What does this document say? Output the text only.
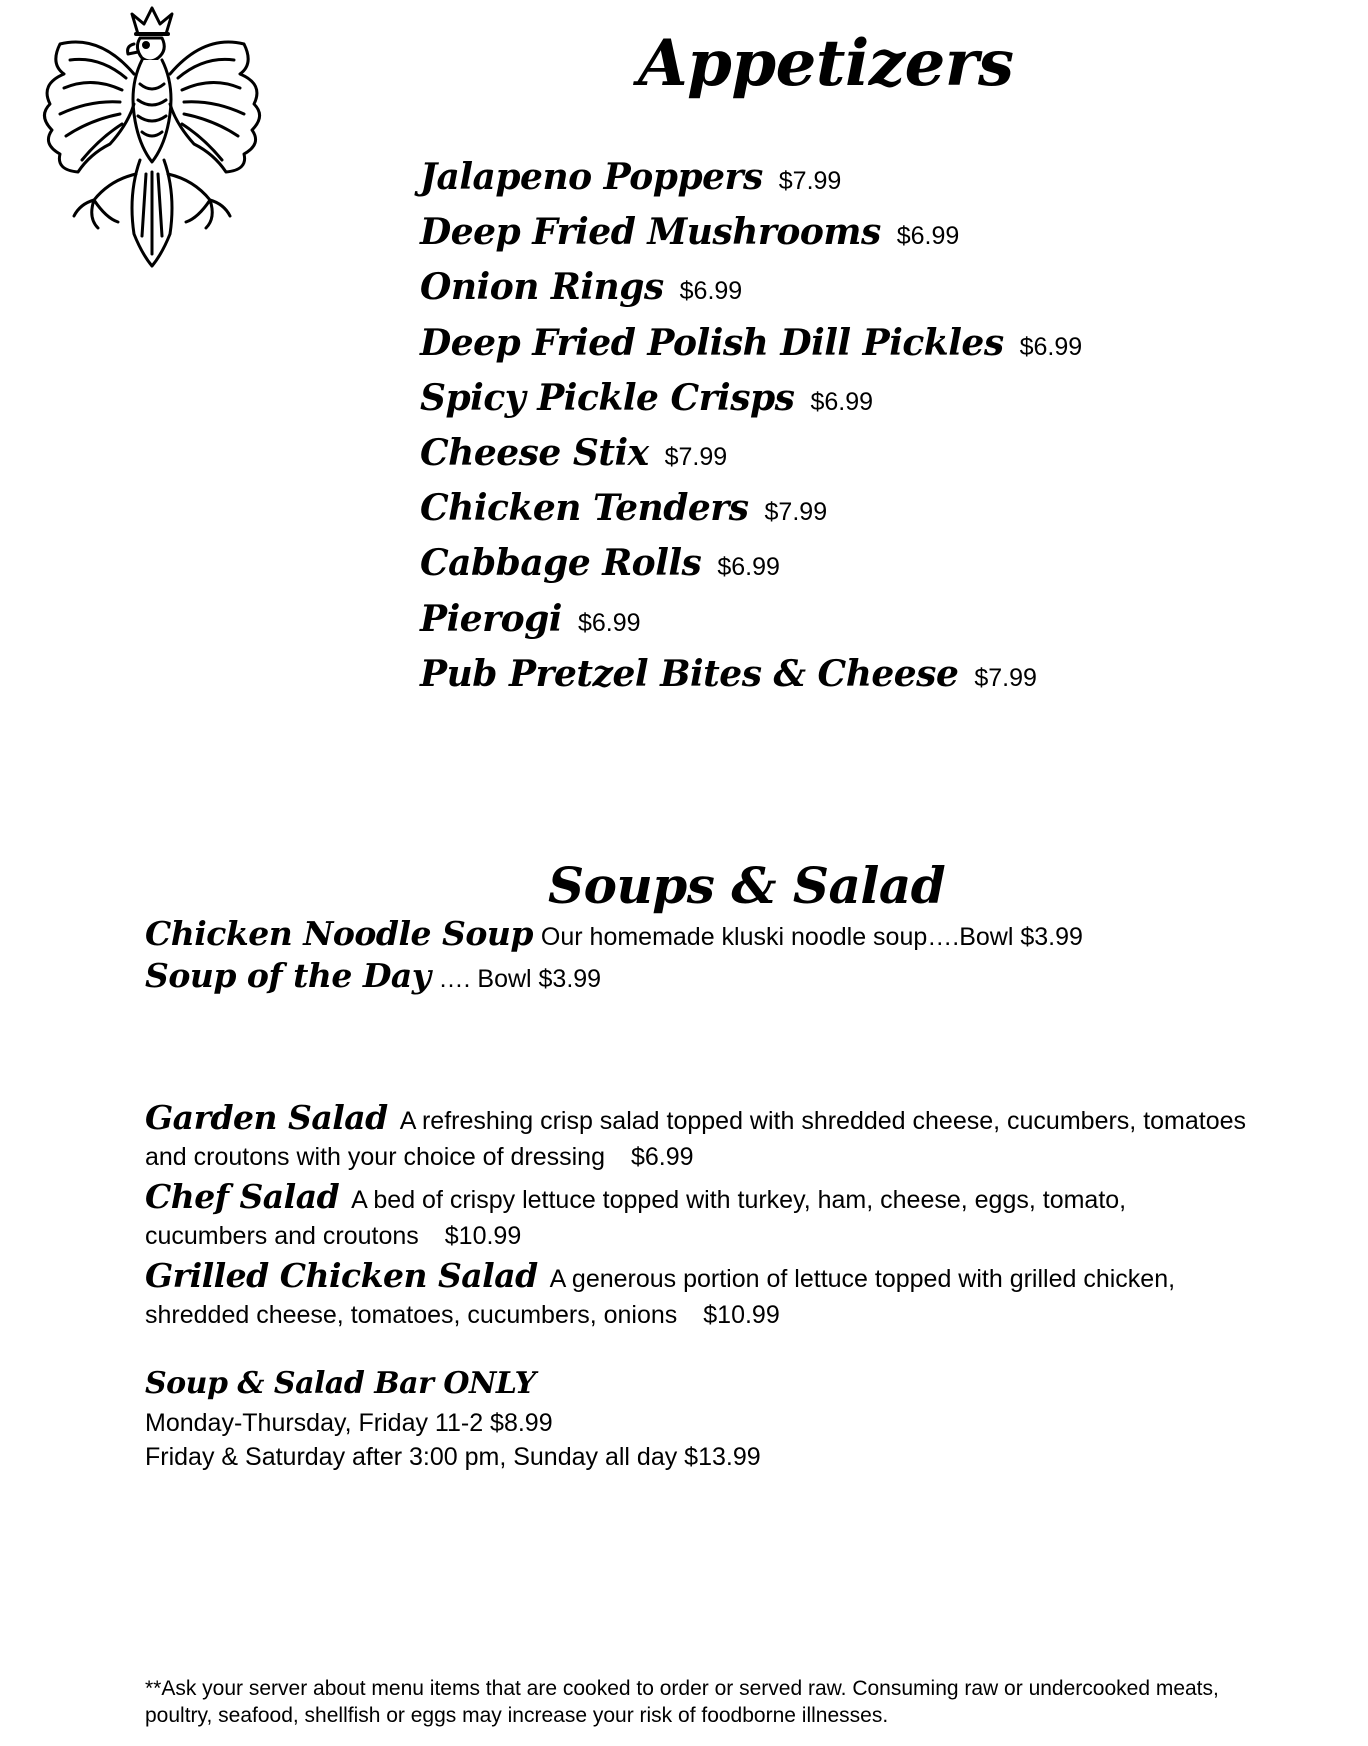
Appetizers
Jalapeno Poppers $7.99
Deep Fried Mushrooms $6.99
Onion Rings $6.99
Deep Fried Polish Dill Pickles $6.99
Spicy Pickle Crisps $6.99
Cheese Stix $7.99
Chicken Tenders $7.99
Cabbage Rolls $6.99
Pierogi $6.99
Pub Pretzel Bites & Cheese $7.99
Soups & Salad
Chicken Noodle Soup Our homemade kluski noodle soup….Bowl $3.99
Soup of the Day …. Bowl $3.99
Garden Salad A refreshing crisp salad topped with shredded cheese, cucumbers, tomatoes and croutons with your choice of dressing $6.99
Chef Salad A bed of crispy lettuce topped with turkey, ham, cheese, eggs, tomato, cucumbers and croutons $10.99
Grilled Chicken Salad A generous portion of lettuce topped with grilled chicken, shredded cheese, tomatoes, cucumbers, onions $10.99
Soup & Salad Bar ONLY
Monday-Thursday, Friday 11-2 $8.99
Friday & Saturday after 3:00 pm, Sunday all day $13.99

**Ask your server about menu items that are cooked to order or served raw. Consuming raw or undercooked meats, poultry, seafood, shellfish or eggs may increase your risk of foodborne illnesses.
